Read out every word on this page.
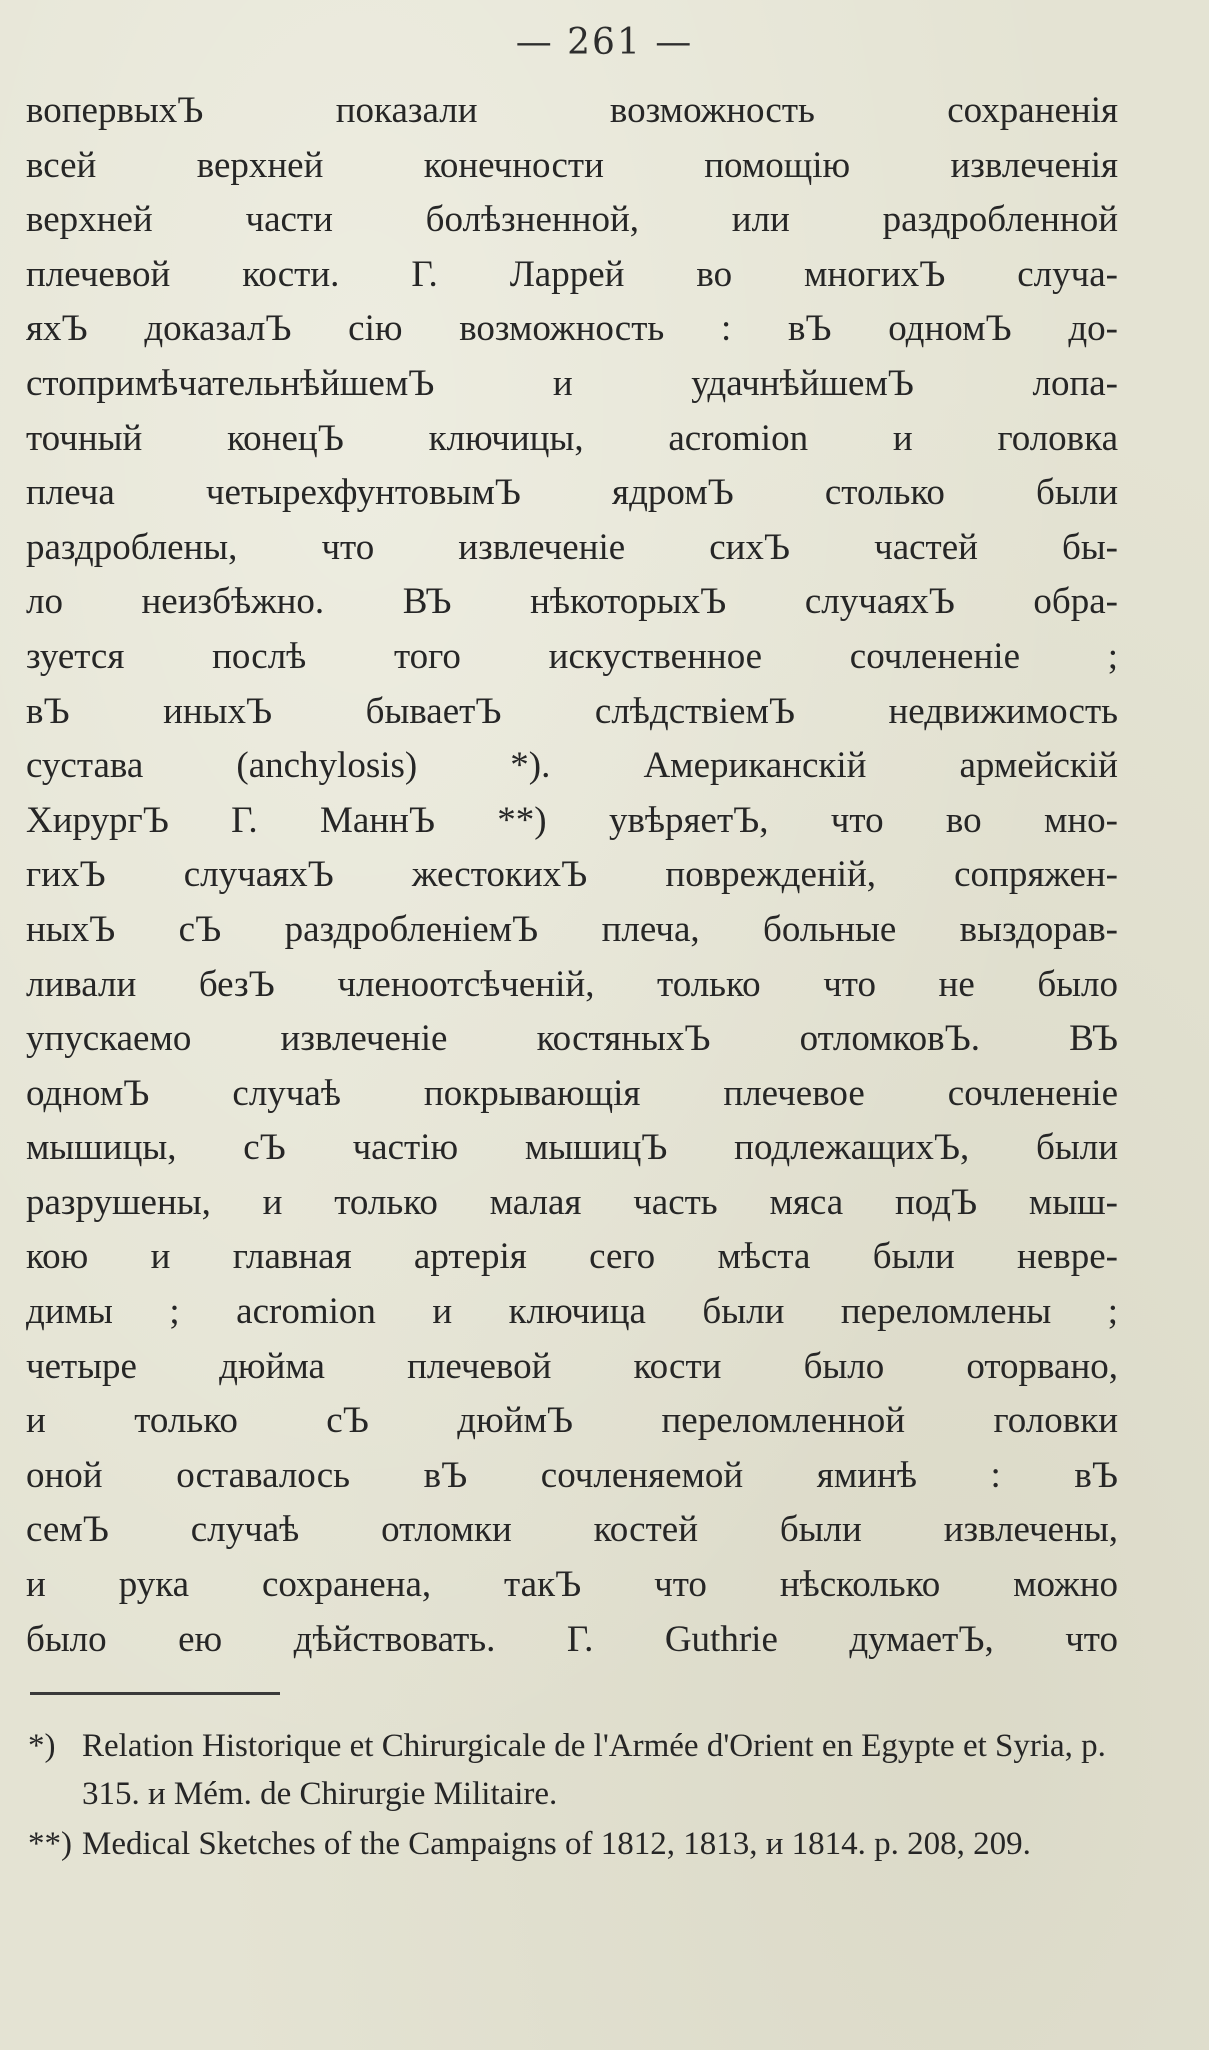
— 261 —
вопервыхЪ показали возможность сохраненія
всей верхней конечности помощію извлеченія
верхней части болѣзненной, или раздробленной
плечевой кости. Г. Ларрей во многихЪ случа-
яхЪ доказалЪ сію возможность : вЪ одномЪ до-
стопримѣчательнѣйшемЪ и удачнѣйшемЪ лопа-
точный конецЪ ключицы, acromion и головка
плеча четырехфунтовымЪ ядромЪ столько были
раздроблены, что извлеченіе сихЪ частей бы-
ло неизбѣжно. ВЪ нѣкоторыхЪ случаяхЪ обра-
зуется послѣ того искуственное сочлененіе ;
вЪ иныхЪ бываетЪ слѣдствіемЪ недвижимость
сустава (anchylosis) *). Американскій армейскій
ХирургЪ Г. МаннЪ **) увѣряетЪ, что во мно-
гихЪ случаяхЪ жестокихЪ поврежденій, сопряжен-
ныхЪ сЪ раздробленіемЪ плеча, больные выздорав-
ливали безЪ членоотсѣченій, только что не было
упускаемо извлеченіе костяныхЪ отломковЪ. ВЪ
одномЪ случаѣ покрывающія плечевое сочлененіе
мышицы, сЪ частію мышицЪ подлежащихЪ, были
разрушены, и только малая часть мяса подЪ мыш-
кою и главная артерія сего мѣста были невре-
димы ; acromion и ключица были переломлены ;
четыре дюйма плечевой кости было оторвано,
и только сЪ дюймЪ переломленной головки
оной оставалось вЪ сочленяемой яминѣ : вЪ
семЪ случаѣ отломки костей были извлечены,
и рука сохранена, такЪ что нѣсколько можно
было ею дѣйствовать. Г. Guthrie думаетЪ, что
*) Relation Historique et Chirurgicale de l'Armée d'Orient en Egypte et Syria, p. 315. и Mém. de Chirurgie Militaire.
**) Medical Sketches of the Campaigns of 1812, 1813, и 1814. p. 208, 209.
